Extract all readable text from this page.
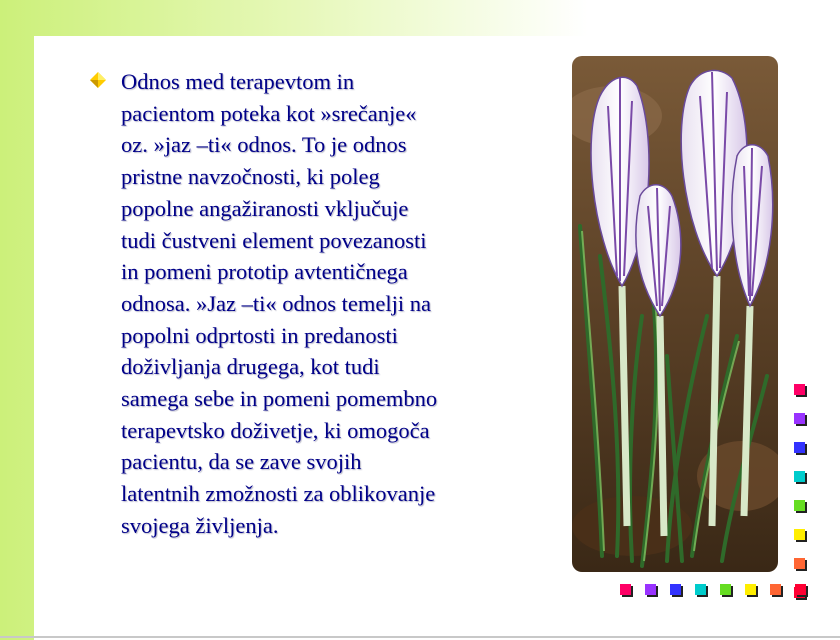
Odnos med terapevtom in
pacientom poteka kot »srečanje«
oz. »jaz –ti« odnos. To je odnos
pristne navzočnosti, ki poleg
popolne angažiranosti vključuje
tudi čustveni element povezanosti
in pomeni prototip avtentičnega
odnosa. »Jaz –ti« odnos temelji na
popolni odprtosti in predanosti
doživljanja drugega, kot tudi
samega sebe in pomeni pomembno
terapevtsko doživetje, ki omogoča
pacientu, da se zave svojih
latentnih zmožnosti za oblikovanje
svojega življenja.
